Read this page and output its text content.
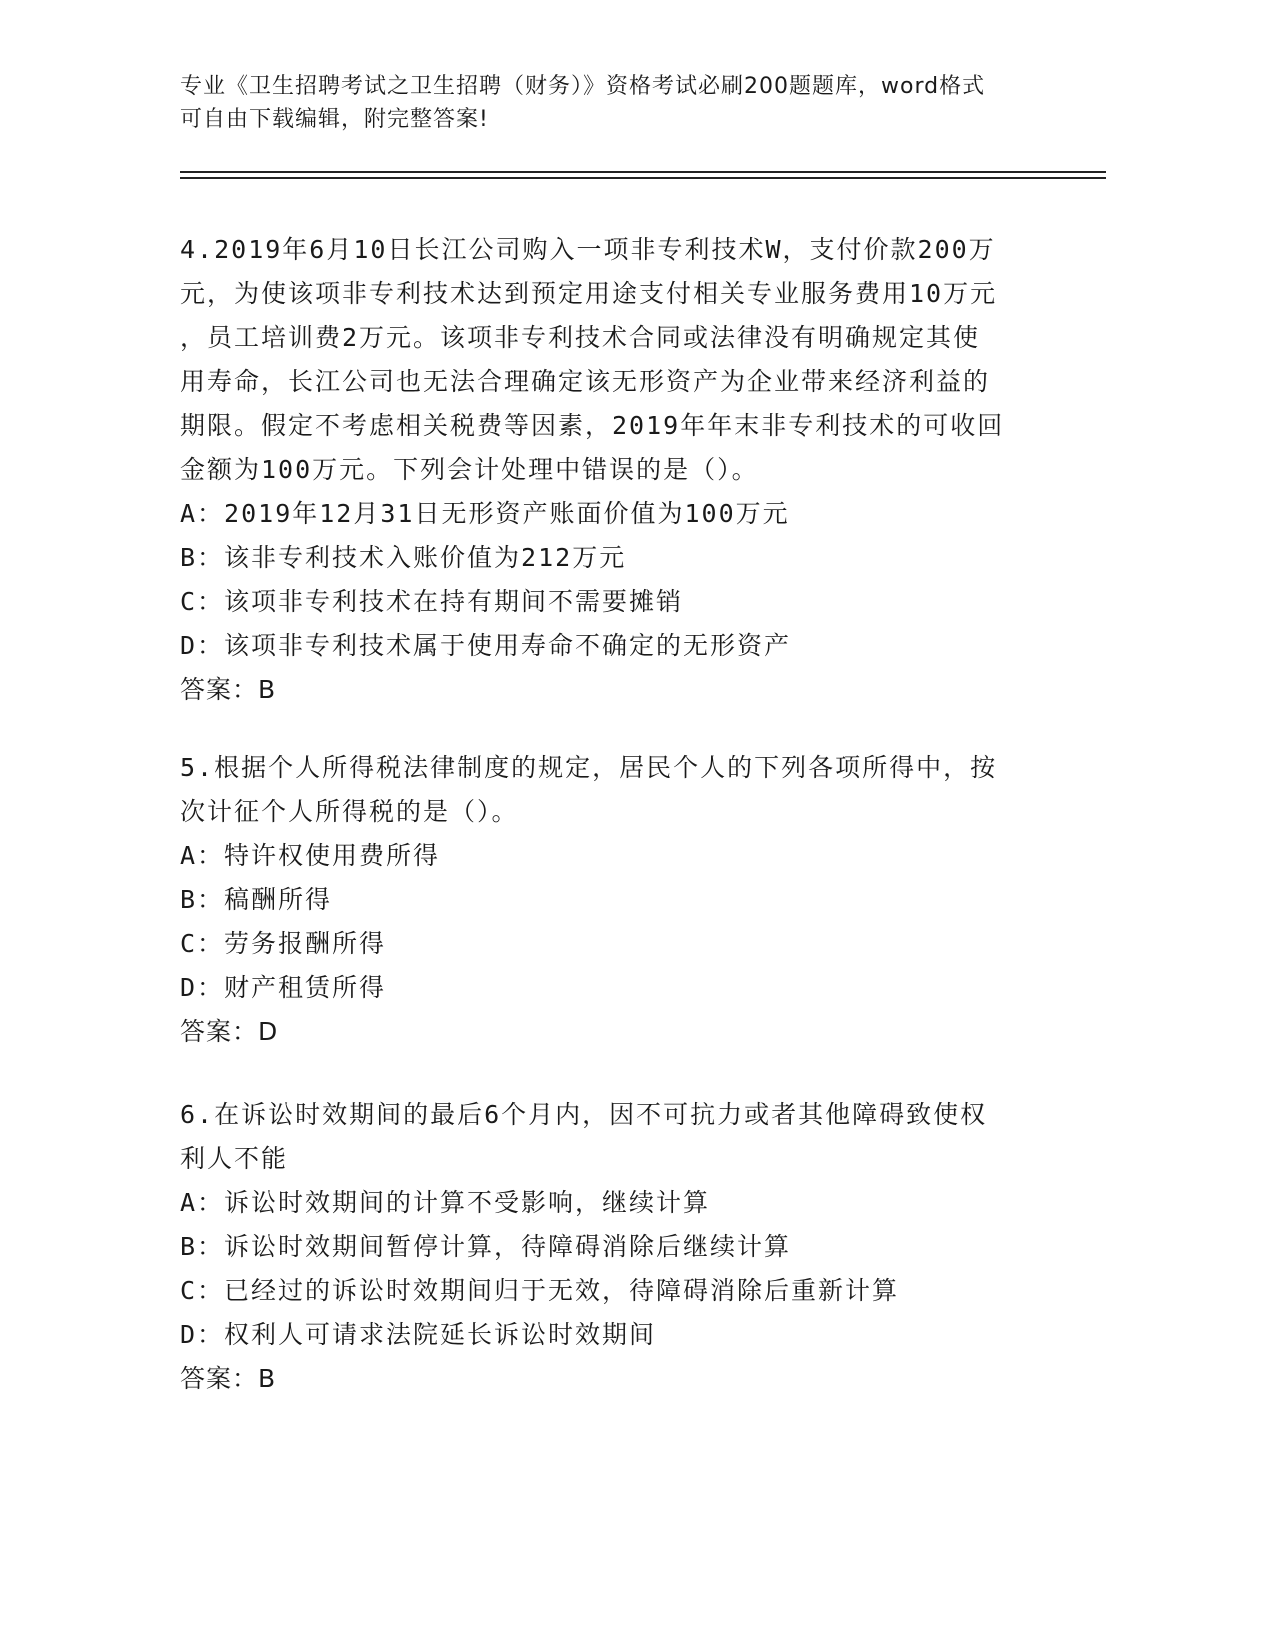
专业《卫生招聘考试之卫生招聘（财务）》资格考试必刷200题题库，word格式
可自由下载编辑，附完整答案!

4.2019年6月10日长江公司购入一项非专利技术W，支付价款200万
元，为使该项非专利技术达到预定用途支付相关专业服务费用10万元
，员工培训费2万元。该项非专利技术合同或法律没有明确规定其使
用寿命，长江公司也无法合理确定该无形资产为企业带来经济利益的
期限。假定不考虑相关税费等因素，2019年年末非专利技术的可收回
金额为100万元。下列会计处理中错误的是（）。

A：2019年12月31日无形资产账面价值为100万元

B：该非专利技术入账价值为212万元

C：该项非专利技术在持有期间不需要摊销

D：该项非专利技术属于使用寿命不确定的无形资产

答案：B

5.根据个人所得税法律制度的规定，居民个人的下列各项所得中，按
次计征个人所得税的是（）。

A：特许权使用费所得

B：稿酬所得

C：劳务报酬所得

D：财产租赁所得

答案：D

6.在诉讼时效期间的最后6个月内，因不可抗力或者其他障碍致使权
利人不能

A：诉讼时效期间的计算不受影响，继续计算

B：诉讼时效期间暂停计算，待障碍消除后继续计算

C：已经过的诉讼时效期间归于无效，待障碍消除后重新计算

D：权利人可请求法院延长诉讼时效期间

答案：B
